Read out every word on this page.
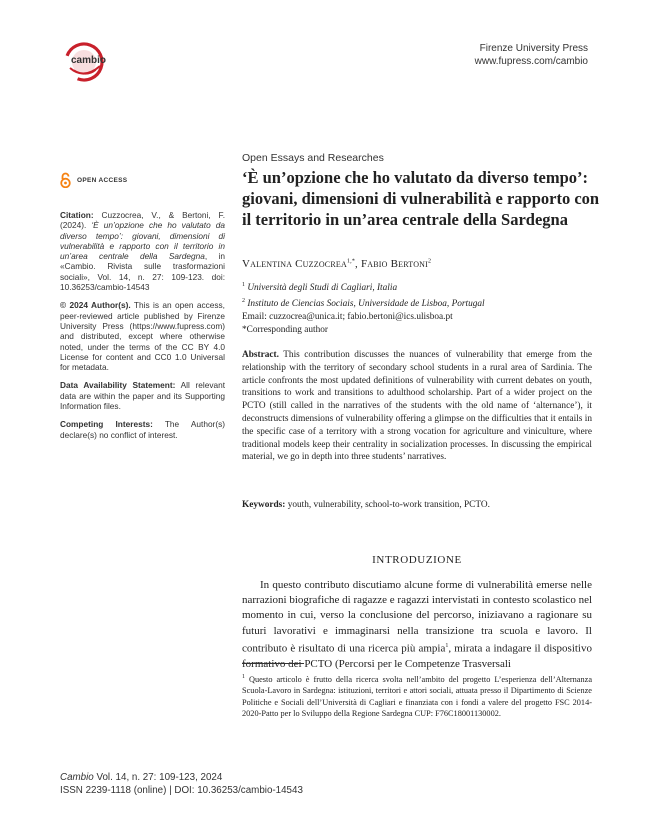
cambio
Firenze University Press
www.fupress.com/cambio
OPEN ACCESS

Citation: Cuzzocrea, V., & Bertoni, F. (2024). ‘È un’opzione che ho valutato da diverso tempo’: giovani, dimensioni di vulnerabilità e rapporto con il territorio in un’area centrale della Sardegna, in «Cambio. Rivista sulle trasformazioni sociali», Vol. 14, n. 27: 109-123. doi: 10.36253/cambio-14543

© 2024 Author(s). This is an open access, peer-reviewed article published by Firenze University Press (https://www.fupress.com) and distributed, except where otherwise noted, under the terms of the CC BY 4.0 License for content and CC0 1.0 Universal for metadata.

Data Availability Statement: All relevant data are within the paper and its Supporting Information files.

Competing Interests: The Author(s) declare(s) no conflict of interest.

Open Essays and Researches
‘È un’opzione che ho valutato da diverso tempo’: giovani, dimensioni di vulnerabilità e rapporto con il territorio in un’area centrale della Sardegna
Valentina Cuzzocrea$^{1,*}$, Fabio Bertoni$^2$
$^1$ Università degli Studi di Cagliari, Italia
$^2$ Instituto de Ciencias Sociais, Universidade de Lisboa, Portugal
Email: cuzzocrea@unica.it; fabio.bertoni@ics.ulisboa.pt
*Corresponding author

Abstract. This contribution discusses the nuances of vulnerability that emerge from the relationship with the territory of secondary school students in a rural area of Sardinia. The article confronts the most updated definitions of vulnerability with current debates on youth, transitions to work and transitions to adulthood scholarship. Part of a wider project on the PCTO (still called in the narratives of the students with the old name of ‘alternance’), it deconstructs dimensions of vulnerability offering a glimpse on the difficulties that it entails in the specific case of a territory with a strong vocation for agriculture and viniculture, where traditional models keep their centrality in socialization processes. In discussing the empirical material, we go in depth into three students’ narratives.

Keywords: youth, vulnerability, school-to-work transition, PCTO.
INTRODUZIONE

In questo contributo discutiamo alcune forme di vulnerabilità emerse nelle narrazioni biografiche di ragazze e ragazzi intervistati in contesto scolastico nel momento in cui, verso la conclusione del percorso, iniziavano a ragionare su futuri lavorativi e immaginarsi nella transizione tra scuola e lavoro. Il contributo è risultato di una ricerca più ampia$^1$, mirata a indagare il dispositivo formativo dei PCTO (Percorsi per le Competenze Trasversali

$^1$ Questo articolo è frutto della ricerca svolta nell’ambito del progetto L’esperienza dell’Alternanza Scuola-Lavoro in Sardegna: istituzioni, territori e attori sociali, attuata presso il Dipartimento di Scienze Politiche e Sociali dell’Università di Cagliari e finanziata con i fondi a valere del progetto FSC 2014-2020-Patto per lo Sviluppo della Regione Sardegna CUP: F76C18001130002.

Cambio Vol. 14, n. 27: 109-123, 2024
ISSN 2239-1118 (online) | DOI: 10.36253/cambio-14543
